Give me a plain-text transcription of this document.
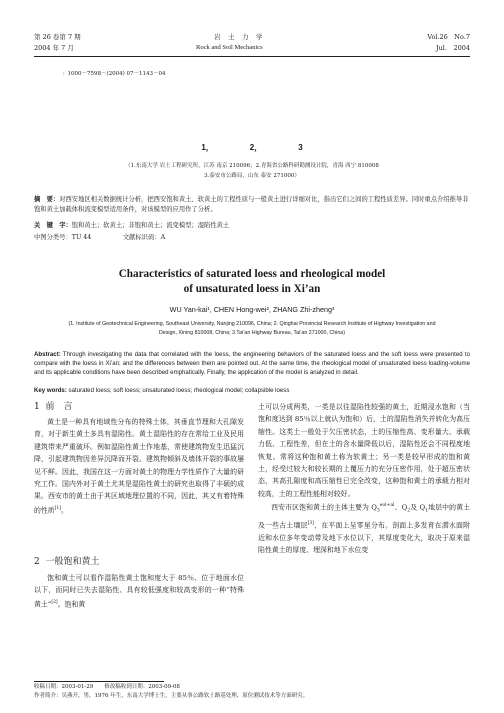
第 26 卷第 7 期	岩　土　力　学	Vol.26　No.7
2004 年 7 月	Rock and Soil Mechanics	Jul.　2004
：1000－7598－(2004) 07－1143－04
1，　　　　　2，　　　　　3
（1.东南大学 岩土工程研究所，江苏 南京 210096；2.青海省公路科研勘测设计院，青海 西宁 810008
3.泰安市公路局，山东 泰安 271000）
摘　要：对西安地区相关数据统计分析，把西安饱和黄土、软黄土的工程性质与一般黄土进行详细对比，指出它们之间的工程性质差异。同时重点介绍推导非饱和黄土加载体积流变模型适用条件，对该模型的应用作了分析。
关　键　字：饱和黄土；软黄土；非饱和黄土；流变模型；湿陷性黄土
中图分类号：TU 44　　　　　文献标识码：A
Characteristics of saturated loess and rheological model
of unsaturated loess in Xi’an
WU Yan-kai¹, CHEN Hong-wei², ZHANG Zhi-zheng³
(1. Institute of Geotechnical Engineering, Southeast University, Nanjing 210096, China; 2. Qinghai Provincial Research Institute of Highway Investigation and
Design, Xining 810008, China; 3.Tai’an Highway Bureau, Tai’an 271000, China)
Abstract: Through investigating the data that correlated with the loess, the engineering behaviors of the saturated loess and the soft loess were presented to compare with the loess in Xi’an; and the differences between them are pointed out. At the same time, the rheological model of unsaturated loess loading-volume and its applicable conditions have been described emphatically. Finally, the application of the model is analyzed in detail.
Key words: saturated loess; soft loess; unsaturated loess; rheological model; collapsible loess
1 前　言

黄土是一种具有地域性分布的特殊土体，其垂直节理和大孔隙发育，对于新生黄土多具有湿陷性。黄土湿陷性的存在常给工业及民用建筑带来严重破坏。例如湿陷性黄土作地基，常使建筑物发生迅猛沉降，引起建筑物因差异沉降而开裂。建筑物倾斜及墙体开裂的事故屡见不鲜。因此，我国在这一方面对黄土的物理力学性质作了大量的研究工作。国内外对于黄土尤其是湿陷性黄土的研究也取得了丰硕的成果。西安市的黄土由于其区域地理位置的不同，因此，其又有着特殊的性质[1]。

2 一般饱和黄土

饱和黄土可以看作湿陷性黄土饱和度大于 85％、位于地面水位以下，而同时已失去湿陷性、具有较低强度和较高变形的一种“特殊黄土”[2]。饱和黄

土可以分成两类，一类是以往湿陷性较强的黄土，近期浸水饱和（当饱和度达到 85％以上就认为饱和）后，土的湿陷性消失并转化为高压缩性。这类土一般处于欠压密状态，土的压缩性高、变形量大、承载力低、工程性差，但在土的含水量降低以后，湿陷性还会不同程度地恢复。常将这种饱和黄土称为软黄土；另一类是较早形成的饱和黄土，经受过较大和较长期的上覆压力的充分压密作用，处于超压密状态，其高孔隙度和高压缩性已完全改变，这种饱和黄土的承载力相对较高，土的工程性能相对较好。

西安市区饱和黄土的主体主要为 $Q_3^{eol+al}$、$Q_2$及 $Q_1$地层中的黄土及一些古土壤层[3]，在平面上呈零星分布。剖面上多发育在潜水面附近和水位多年变动带及地下水位以下，其厚度变化大，取决于原来湿陷性黄土的厚度、埋深和地下水位变

收稿日期：2003-01-29　　修改稿收到日期：2003-09-08
作者简介：吴燕开，男，1976 年生，东南大学博士生，主要从事公路软土路基处理、原位测试技术等方面研究。
